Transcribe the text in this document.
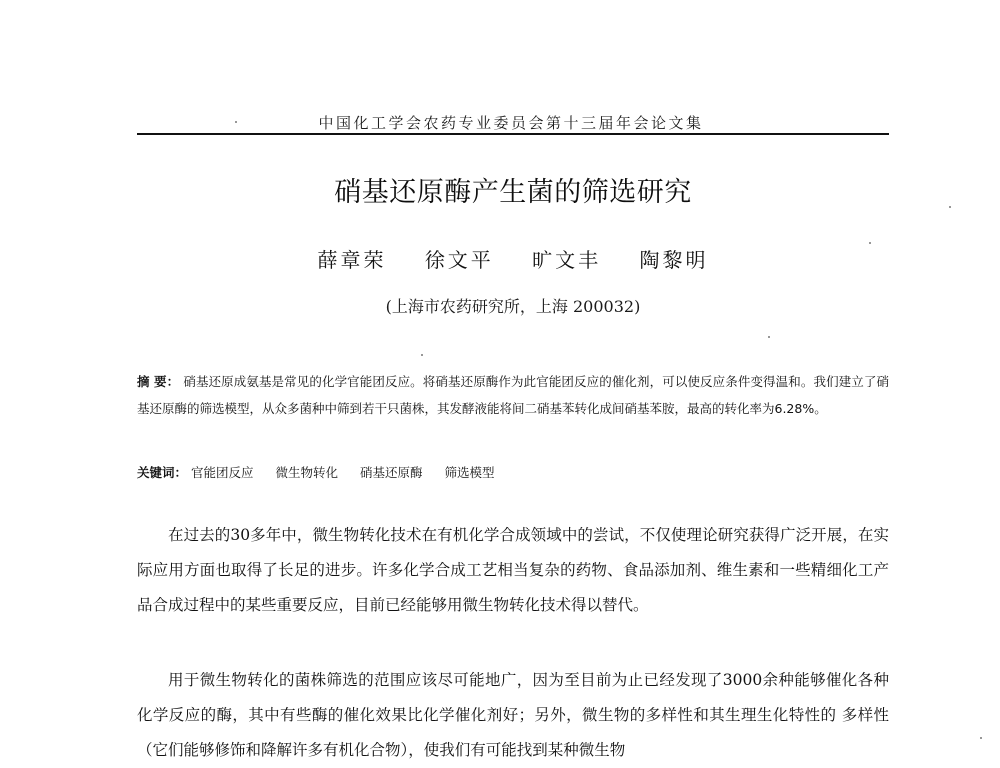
中国化工学会农药专业委员会第十三届年会论文集
硝基还原酶产生菌的筛选研究
薛章荣 徐文平 旷文丰 陶黎明
(上海市农药研究所，上海 200032)
摘 要： 硝基还原成氨基是常见的化学官能团反应。将硝基还原酶作为此官能团反应的催化剂，可以使反应条件变得温和。我们建立了硝基还原酶的筛选模型，从众多菌种中筛到若干只菌株，其发酵液能将间二硝基苯转化成间硝基苯胺，最高的转化率为6.28%。
关键词： 官能团反应 微生物转化 硝基还原酶 筛选模型
在过去的30多年中，微生物转化技术在有机化学合成领域中的尝试，不仅使理论研究获得广泛开展，在实际应用方面也取得了长足的进步。许多化学合成工艺相当复杂的药物、食品添加剂、维生素和一些精细化工产品合成过程中的某些重要反应，目前已经能够用微生物转化技术得以替代。
用于微生物转化的菌株筛选的范围应该尽可能地广，因为至目前为止已经发现了3000余种能够催化各种化学反应的酶，其中有些酶的催化效果比化学催化剂好；另外，微生物的多样性和其生理生化特性的 多样性（它们能够修饰和降解许多有机化合物），使我们有可能找到某种微生物
